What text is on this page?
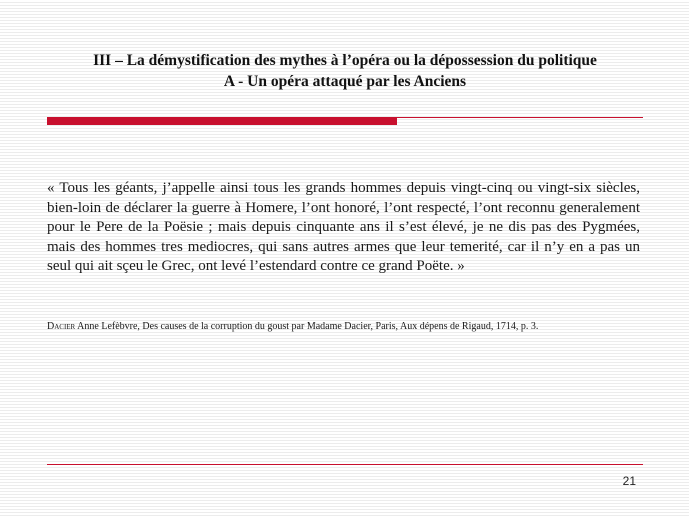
III – La démystification des mythes à l’opéra ou la dépossession du politique
A - Un opéra attaqué par les Anciens
« Tous les géants, j’appelle ainsi tous les grands hommes depuis vingt-cinq ou vingt-six siècles, bien-loin de déclarer la guerre à Homere, l’ont honoré, l’ont respecté, l’ont reconnu generalement pour le Pere de la Poësie ; mais depuis cinquante ans il s’est élevé, je ne dis pas des Pygmées, mais des hommes tres mediocres, qui sans autres armes que leur temerité, car il n’y en a pas un seul qui ait sçeu le Grec, ont levé l’estendard contre ce grand Poëte. »
Dacier Anne Lefèbvre, Des causes de la corruption du goust par Madame Dacier, Paris, Aux dépens de Rigaud, 1714, p. 3.
21
